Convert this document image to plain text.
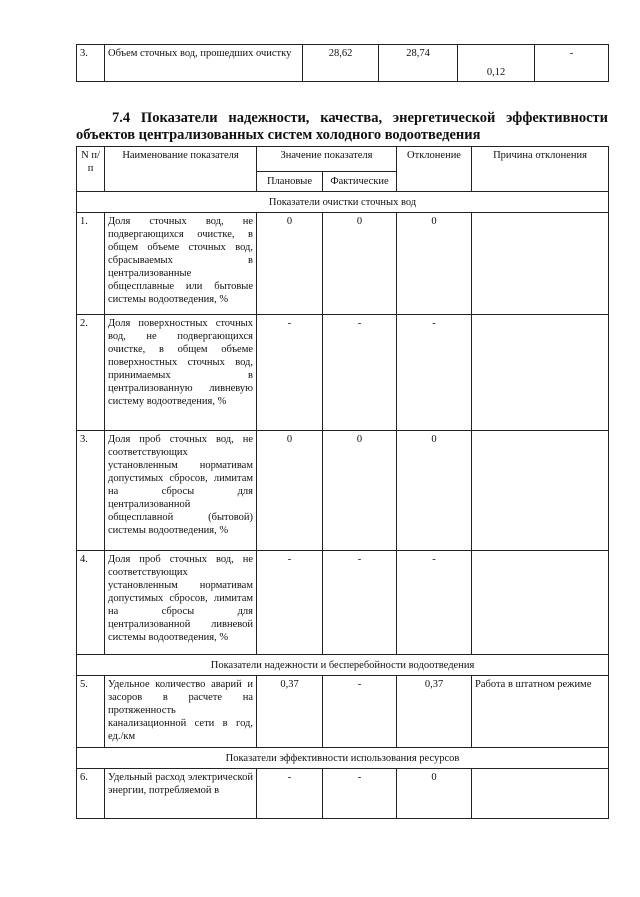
3.	Объем сточных вод, прошедших очистку	28,62	28,74	0,12	-
7.4 Показатели надежности, качества, энергетической эффективности
объектов централизованных систем холодного водоотведения
N п/п	Наименование показателя	Значение показателя		Отклонение	Причина отклонения
		Плановые	Фактические		
Показатели очистки сточных вод					
1.	Доля сточных вод, не подвергающихся очистке, в общем объеме сточных вод, сбрасываемых в централизованные общесплавные или бытовые системы водоотведения, %	0	0	0	
2.	Доля поверхностных сточных вод, не подвергающихся очистке, в общем объеме поверхностных сточных вод, принимаемых в централизованную ливневую систему водоотведения, %	-	-	-	
3.	Доля проб сточных вод, не соответствующих установленным нормативам допустимых сбросов, лимитам на сбросы для централизованной общесплавной (бытовой) системы водоотведения, %	0	0	0	
4.	Доля проб сточных вод, не соответствующих установленным нормативам допустимых сбросов, лимитам на сбросы для централизованной ливневой системы водоотведения, %	-	-	-	
Показатели надежности и бесперебойности водоотведения					
5.	Удельное количество аварий и засоров в расчете на протяженность канализационной сети в год, ед./км	0,37	-	0,37	Работа в штатном режиме
Показатели эффективности использования ресурсов					
6.	Удельный расход электрической энергии, потребляемой в	-	-	0	
